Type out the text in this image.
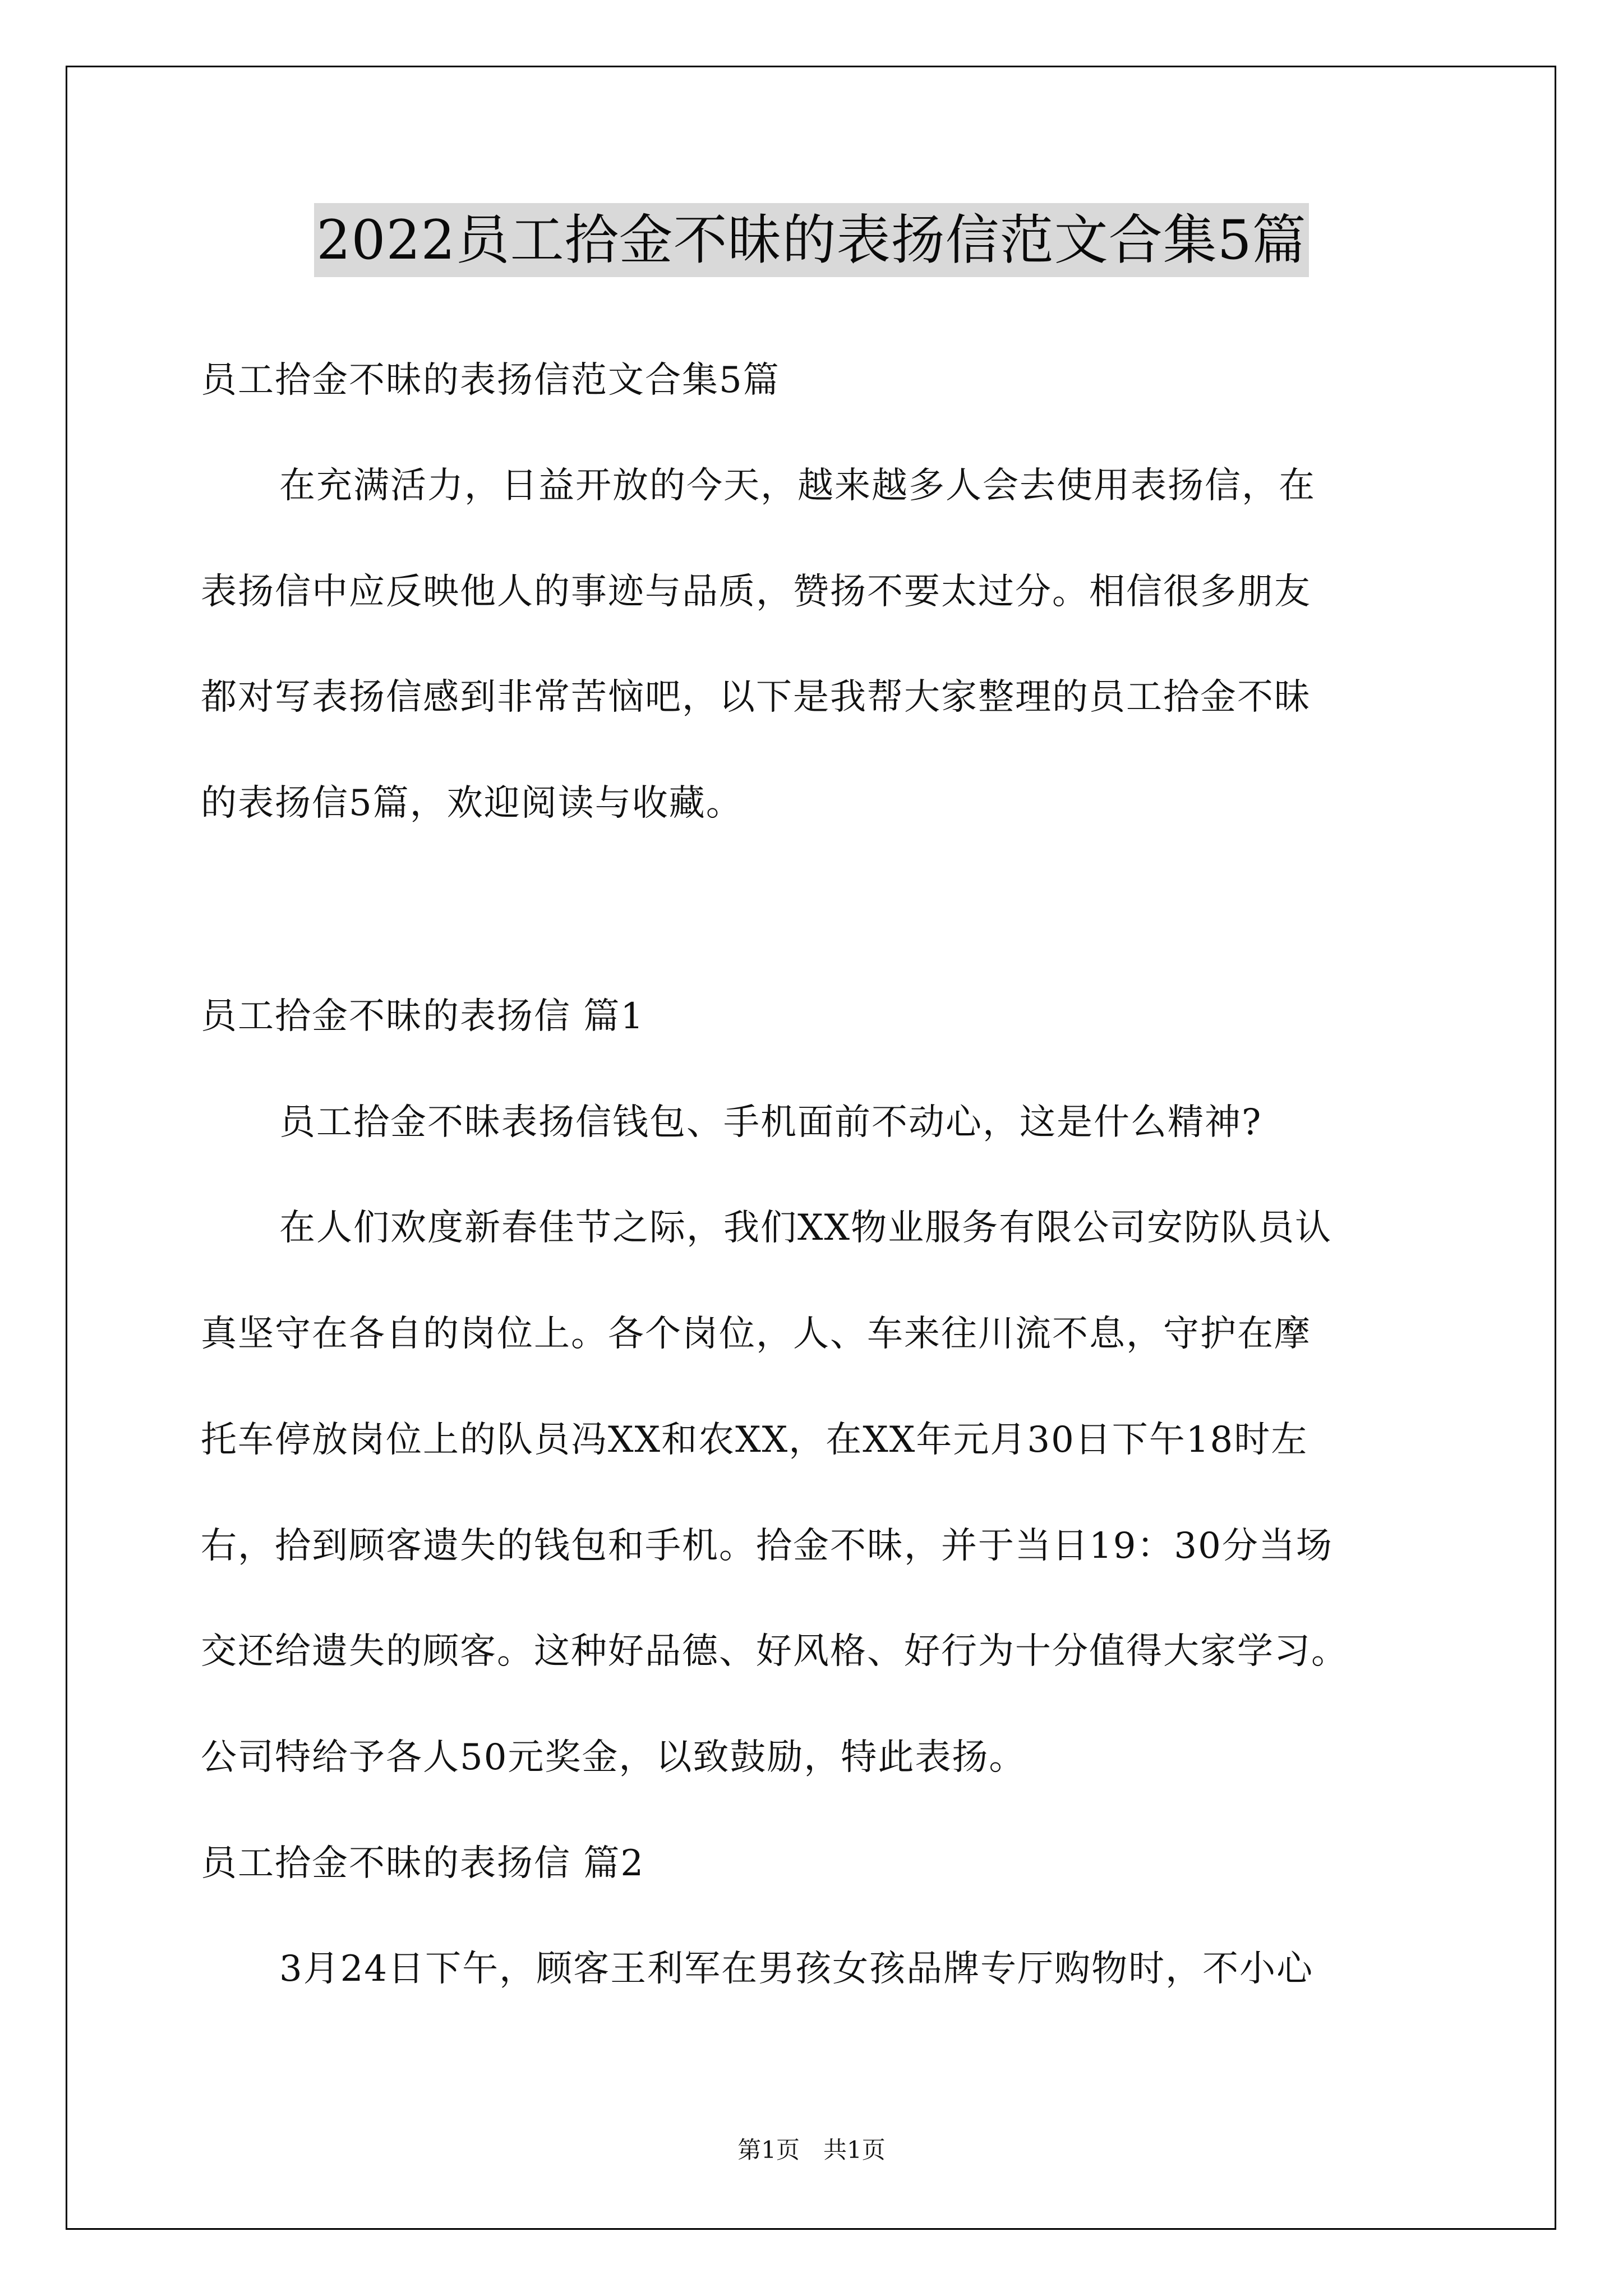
2022员工拾金不昧的表扬信范文合集5篇
员工拾金不昧的表扬信范文合集5篇
在充满活力，日益开放的今天，越来越多人会去使用表扬信，在
表扬信中应反映他人的事迹与品质，赞扬不要太过分。相信很多朋友
都对写表扬信感到非常苦恼吧，以下是我帮大家整理的员工拾金不昧
的表扬信5篇，欢迎阅读与收藏。
员工拾金不昧的表扬信 篇1
员工拾金不昧表扬信钱包、手机面前不动心，这是什么精神?
在人们欢度新春佳节之际，我们XX物业服务有限公司安防队员认
真坚守在各自的岗位上。各个岗位，人、车来往川流不息，守护在摩
托车停放岗位上的队员冯XX和农XX，在XX年元月30日下午18时左
右，拾到顾客遗失的钱包和手机。拾金不昧，并于当日19：30分当场
交还给遗失的顾客。这种好品德、好风格、好行为十分值得大家学习。
公司特给予各人50元奖金，以致鼓励，特此表扬。
员工拾金不昧的表扬信 篇2
3月24日下午，顾客王利军在男孩女孩品牌专厅购物时，不小心
第1页　共1页
